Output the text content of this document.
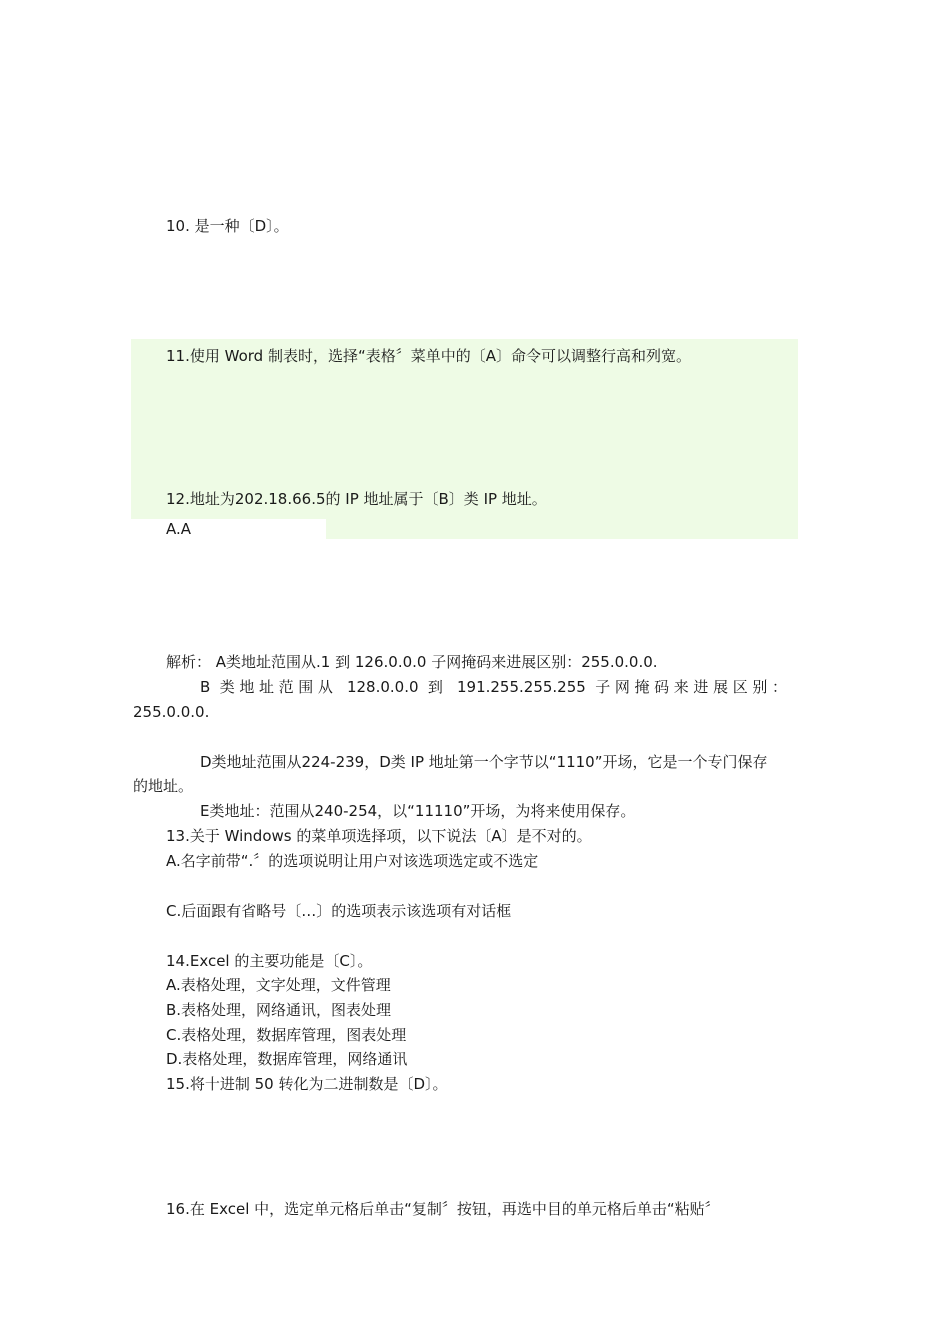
10. 是一种〔D〕。
11.使用 Word 制表时，选择“表格〞菜单中的〔A〕命令可以调整行高和列宽。
12.地址为202.18.66.5的 IP 地址属于〔B〕类 IP 地址。
A.A
解析： A类地址范围从.1 到 126.0.0.0 子网掩码来进展区别：255.0.0.0.
B 类地址范围从 128.0.0.0 到 191.255.255.255 子网掩码来进展区别：
255.0.0.0.
D类地址范围从224-239，D类 IP 地址第一个字节以“1110”开场，它是一个专门保存
的地址。
E类地址：范围从240-254，以“11110”开场，为将来使用保存。
13.关于 Windows 的菜单项选择项，以下说法〔A〕是不对的。
A.名字前带“.〞的选项说明让用户对该选项选定或不选定
C.后面跟有省略号〔…〕的选项表示该选项有对话框
14.Excel 的主要功能是〔C〕。
A.表格处理，文字处理，文件管理
B.表格处理，网络通讯，图表处理
C.表格处理，数据库管理，图表处理
D.表格处理，数据库管理，网络通讯
15.将十进制 50 转化为二进制数是〔D〕。
16.在 Excel 中，选定单元格后单击“复制〞按钮，再选中目的单元格后单击“粘贴〞
